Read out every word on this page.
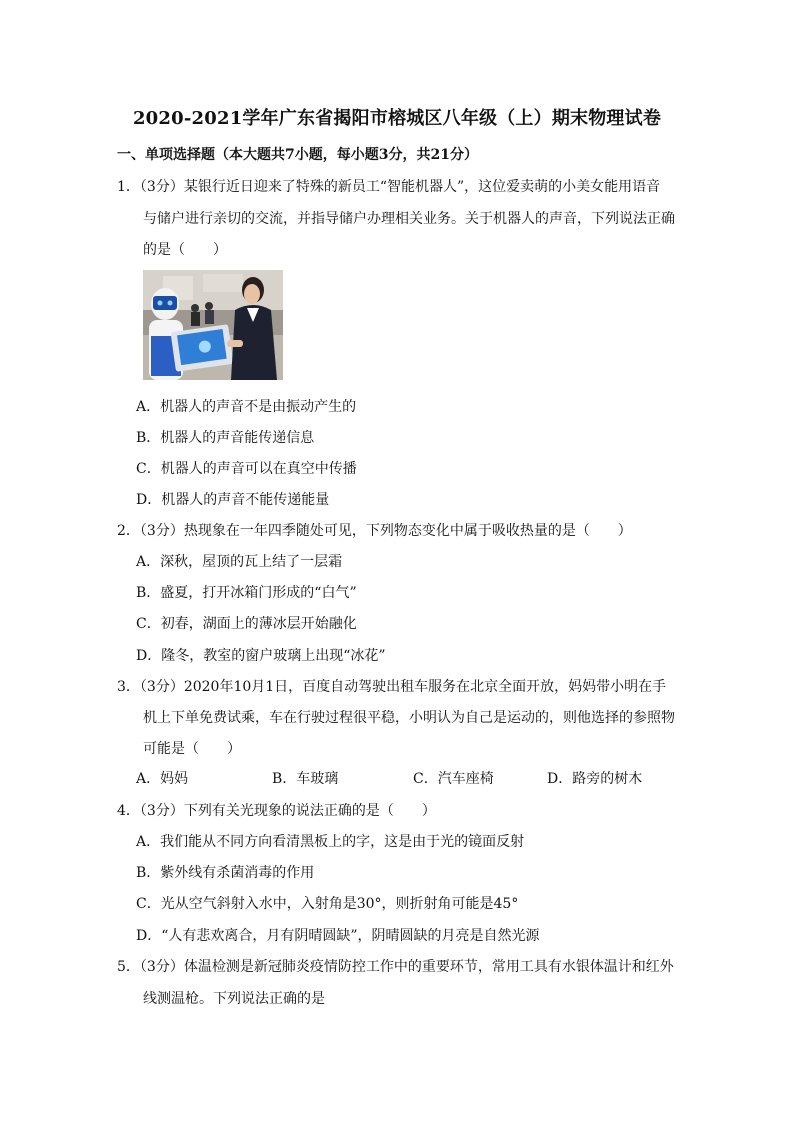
2020-2021学年广东省揭阳市榕城区八年级（上）期末物理试卷
一、单项选择题（本大题共7小题，每小题3分，共21分）
1．（3分）某银行近日迎来了特殊的新员工“智能机器人”，这位爱卖萌的小美女能用语音
与储户进行亲切的交流，并指导储户办理相关业务。关于机器人的声音，下列说法正确
的是（　　）
A．机器人的声音不是由振动产生的
B．机器人的声音能传递信息
C．机器人的声音可以在真空中传播
D．机器人的声音不能传递能量
2．（3分）热现象在一年四季随处可见，下列物态变化中属于吸收热量的是（　　）
A．深秋，屋顶的瓦上结了一层霜
B．盛夏，打开冰箱门形成的“白气”
C．初春，湖面上的薄冰层开始融化
D．隆冬，教室的窗户玻璃上出现“冰花”
3．（3分）2020年10月1日，百度自动驾驶出租车服务在北京全面开放，妈妈带小明在手
机上下单免费试乘，车在行驶过程很平稳，小明认为自己是运动的，则他选择的参照物
可能是（　　）
A．妈妈	B．车玻璃	C．汽车座椅	D．路旁的树木
4．（3分）下列有关光现象的说法正确的是（　　）
A．我们能从不同方向看清黑板上的字，这是由于光的镜面反射
B．紫外线有杀菌消毒的作用
C．光从空气斜射入水中，入射角是30°，则折射角可能是45°
D．“人有悲欢离合，月有阴晴圆缺”，阴晴圆缺的月亮是自然光源
5．（3分）体温检测是新冠肺炎疫情防控工作中的重要环节，常用工具有水银体温计和红外
线测温枪。下列说法正确的是
